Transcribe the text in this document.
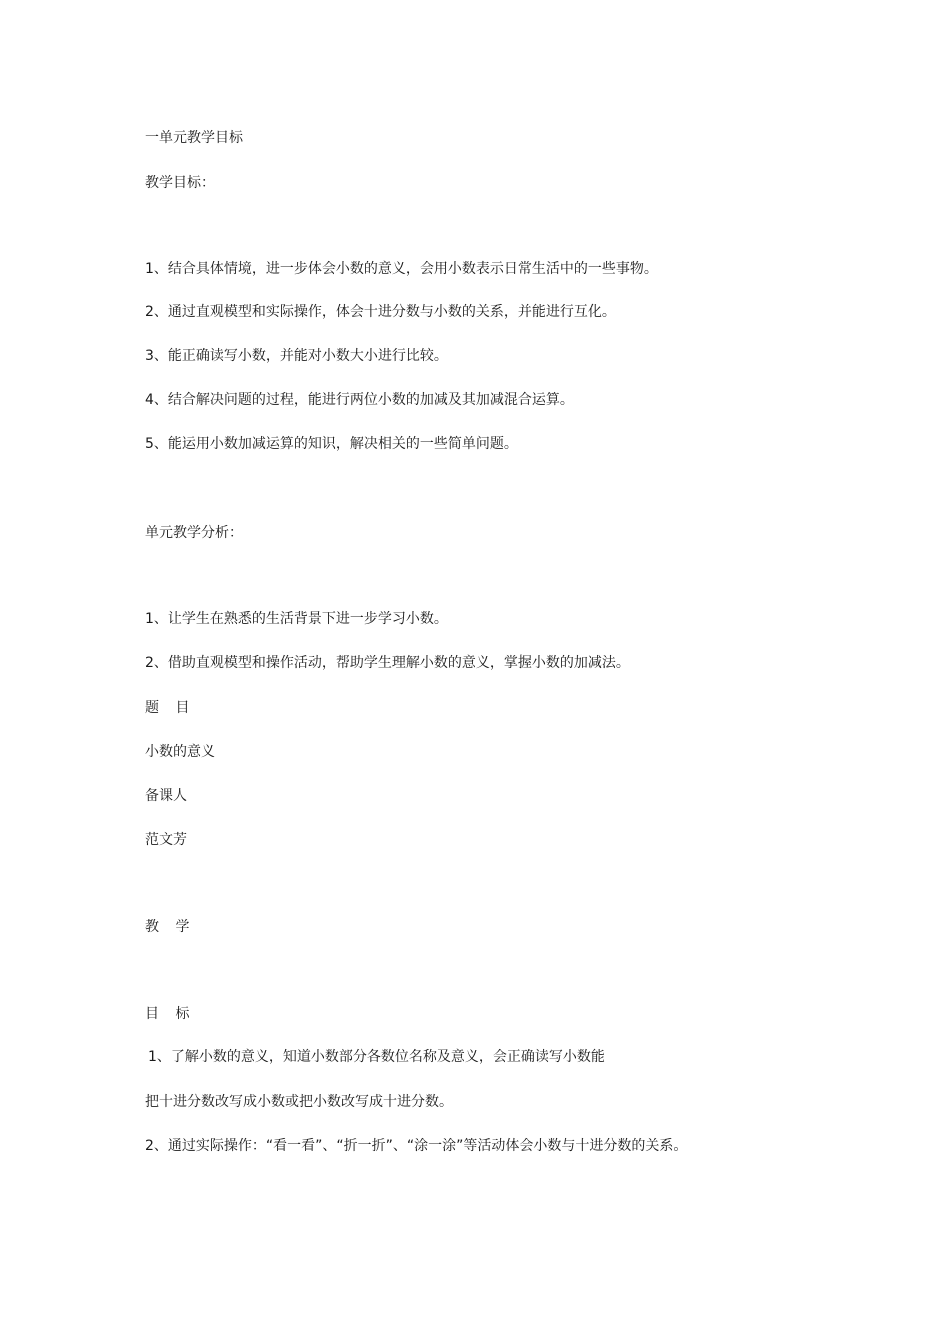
一单元教学目标

教学目标：

1、结合具体情境，进一步体会小数的意义，会用小数表示日常生活中的一些事物。

2、通过直观模型和实际操作，体会十进分数与小数的关系，并能进行互化。

3、能正确读写小数，并能对小数大小进行比较。

4、结合解决问题的过程，能进行两位小数的加减及其加减混合运算。

5、能运用小数加减运算的知识，解决相关的一些简单问题。

单元教学分析：

1、让学生在熟悉的生活背景下进一步学习小数。

2、借助直观模型和操作活动，帮助学生理解小数的意义，掌握小数的加减法。

题 目

小数的意义

备课人

范文芳

教 学

目 标

1、了解小数的意义，知道小数部分各数位名称及意义，会正确读写小数能

把十进分数改写成小数或把小数改写成十进分数。

2、通过实际操作：“看一看”、“折一折”、“涂一涂”等活动体会小数与十进分数的关系。
